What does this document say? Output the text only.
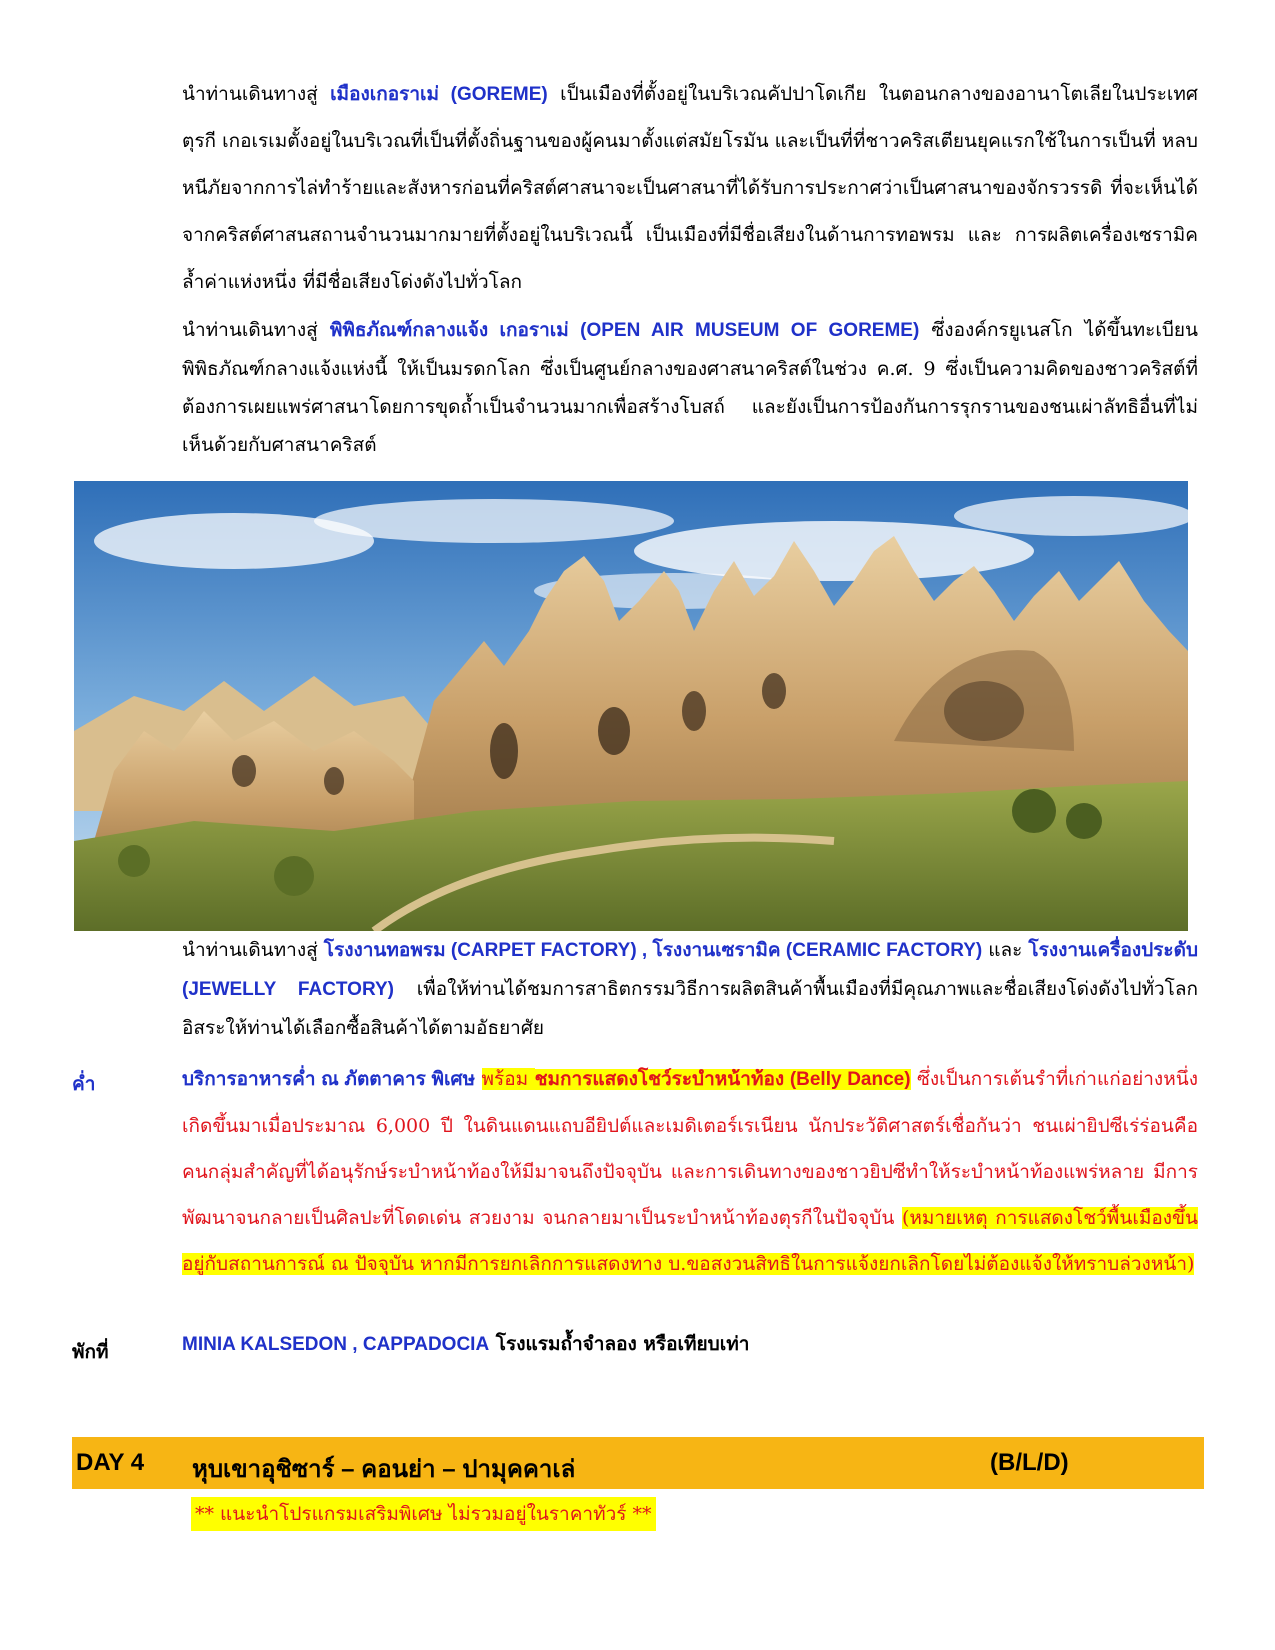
นำท่านเดินทางสู่ เมืองเกอราเม่ (GOREME) เป็นเมืองที่ตั้งอยู่ในบริเวณคัปปาโดเกีย ในตอนกลางของอานาโตเลียในประเทศตุรกี เกอเรเมตั้งอยู่ในบริเวณที่เป็นที่ตั้งถิ่นฐานของผู้คนมาตั้งแต่สมัยโรมัน และเป็นที่ที่ชาวคริสเตียนยุคแรกใช้ในการเป็นที่ หลบหนีภัยจากการไล่ทำร้ายและสังหารก่อนที่คริสต์ศาสนาจะเป็นศาสนาที่ได้รับการประกาศว่าเป็นศาสนาของจักรวรรดิ ที่จะเห็นได้จากคริสต์ศาสนสถานจำนวนมากมายที่ตั้งอยู่ในบริเวณนี้ เป็นเมืองที่มีชื่อเสียงในด้านการทอพรม และ การผลิตเครื่องเซรามิคล้ำค่าแห่งหนึ่ง ที่มีชื่อเสียงโด่งดังไปทั่วโลก
นำท่านเดินทางสู่ พิพิธภัณฑ์กลางแจ้ง เกอราเม่ (OPEN AIR MUSEUM OF GOREME) ซึ่งองค์กรยูเนสโก ได้ขึ้นทะเบียนพิพิธภัณฑ์กลางแจ้งแห่งนี้ ให้เป็นมรดกโลก ซึ่งเป็นศูนย์กลางของศาสนาคริสต์ในช่วง ค.ศ. 9 ซึ่งเป็นความคิดของชาวคริสต์ที่ต้องการเผยแพร่ศาสนาโดยการขุดถ้ำเป็นจำนวนมากเพื่อสร้างโบสถ์ และยังเป็นการป้องกันการรุกรานของชนเผ่าลัทธิอื่นที่ไม่เห็นด้วยกับศาสนาคริสต์
นำท่านเดินทางสู่ โรงงานทอพรม (CARPET FACTORY) , โรงงานเซรามิค (CERAMIC FACTORY) และ โรงงานเครื่องประดับ (JEWELLY FACTORY) เพื่อให้ท่านได้ชมการสาธิตกรรมวิธีการผลิตสินค้าพื้นเมืองที่มีคุณภาพและชื่อเสียงโด่งดังไปทั่วโลก อิสระให้ท่านได้เลือกซื้อสินค้าได้ตามอัธยาศัย
ค่ำ	บริการอาหารค่ำ ณ ภัตตาคาร พิเศษ พร้อม ชมการแสดงโชว์ระบำหน้าท้อง (Belly Dance) ซึ่งเป็นการเต้นรำที่เก่าแก่อย่างหนึ่ง เกิดขึ้นมาเมื่อประมาณ 6,000 ปี ในดินแดนแถบอียิปต์และเมดิเตอร์เรเนียน นักประวัติศาสตร์เชื่อกันว่า ชนเผ่ายิปซีเร่ร่อนคือคนกลุ่มสำคัญที่ได้อนุรักษ์ระบำหน้าท้องให้มีมาจนถึงปัจจุบัน และการเดินทางของชาวยิปซีทำให้ระบำหน้าท้องแพร่หลาย มีการพัฒนาจนกลายเป็นศิลปะที่โดดเด่น สวยงาม จนกลายมาเป็นระบำหน้าท้องตุรกีในปัจจุบัน (หมายเหตุ การแสดงโชว์พื้นเมืองขึ้นอยู่กับสถานการณ์ ณ ปัจจุบัน หากมีการยกเลิกการแสดงทาง บ.ขอสงวนสิทธิในการแจ้งยกเลิกโดยไม่ต้องแจ้งให้ทราบล่วงหน้า)
พักที่	MINIA KALSEDON , CAPPADOCIA โรงแรมถ้ำจำลอง หรือเทียบเท่า
DAY 4 หุบเขาอุชิซาร์ – คอนย่า – ปามุคคาเล่	(B/L/D)
** แนะนำโปรแกรมเสริมพิเศษ ไม่รวมอยู่ในราคาทัวร์ **
